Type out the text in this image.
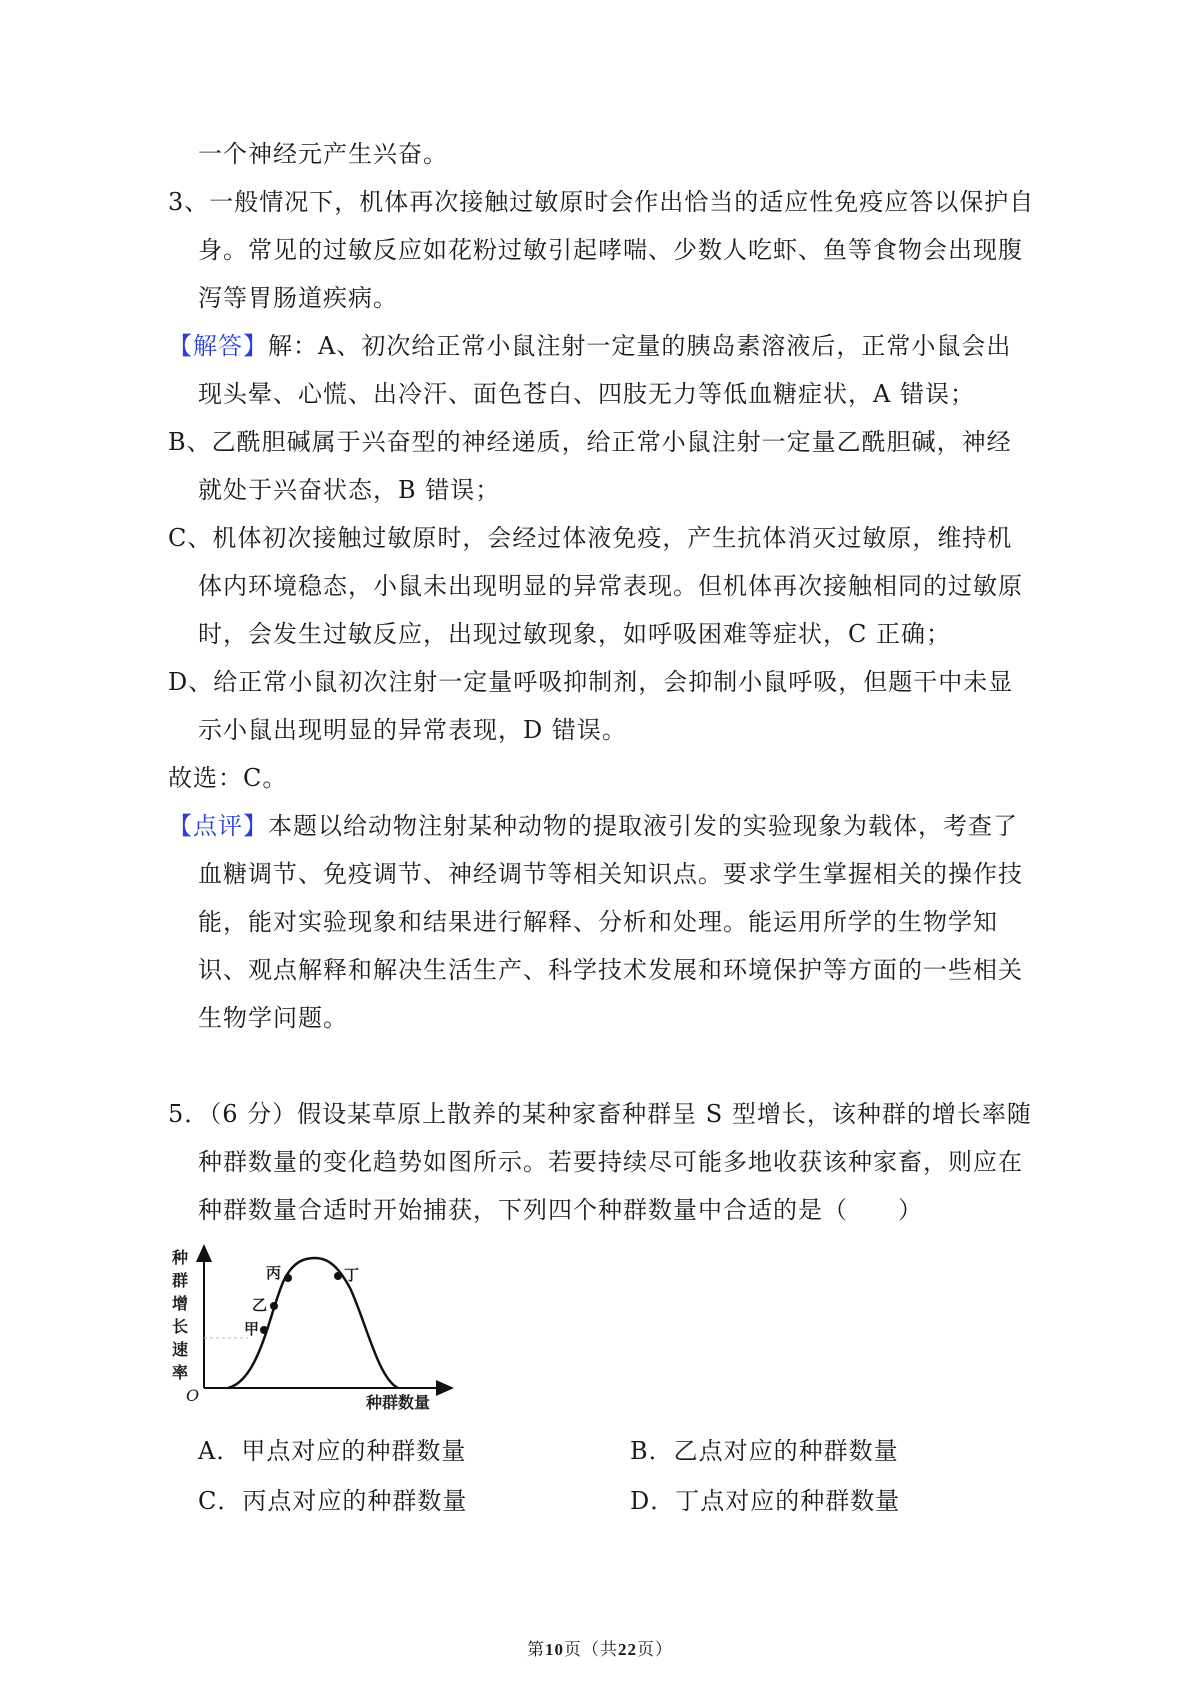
一个神经元产生兴奋。
3、一般情况下，机体再次接触过敏原时会作出恰当的适应性免疫应答以保护自
身。常见的过敏反应如花粉过敏引起哮喘、少数人吃虾、鱼等食物会出现腹
泻等胃肠道疾病。
【解答】解：A、初次给正常小鼠注射一定量的胰岛素溶液后，正常小鼠会出
现头晕、心慌、出冷汗、面色苍白、四肢无力等低血糖症状，A 错误；
B、乙酰胆碱属于兴奋型的神经递质，给正常小鼠注射一定量乙酰胆碱，神经
就处于兴奋状态，B 错误；
C、机体初次接触过敏原时，会经过体液免疫，产生抗体消灭过敏原，维持机
体内环境稳态，小鼠未出现明显的异常表现。但机体再次接触相同的过敏原
时，会发生过敏反应，出现过敏现象，如呼吸困难等症状，C 正确；
D、给正常小鼠初次注射一定量呼吸抑制剂，会抑制小鼠呼吸，但题干中未显
示小鼠出现明显的异常表现，D 错误。
故选：C。
【点评】本题以给动物注射某种动物的提取液引发的实验现象为载体，考查了
血糖调节、免疫调节、神经调节等相关知识点。要求学生掌握相关的操作技
能，能对实验现象和结果进行解释、分析和处理。能运用所学的生物学知
识、观点解释和解决生活生产、科学技术发展和环境保护等方面的一些相关
生物学问题。
5．（6 分）假设某草原上散养的某种家畜种群呈 S 型增长，该种群的增长率随
种群数量的变化趋势如图所示。若要持续尽可能多地收获该种家畜，则应在
种群数量合适时开始捕获，下列四个种群数量中合适的是（　　）
种
群
增
长
速
率
O	种群数量
甲
乙
丙	丁
A．甲点对应的种群数量	B．乙点对应的种群数量
C．丙点对应的种群数量	D．丁点对应的种群数量
第10页（共22页）
